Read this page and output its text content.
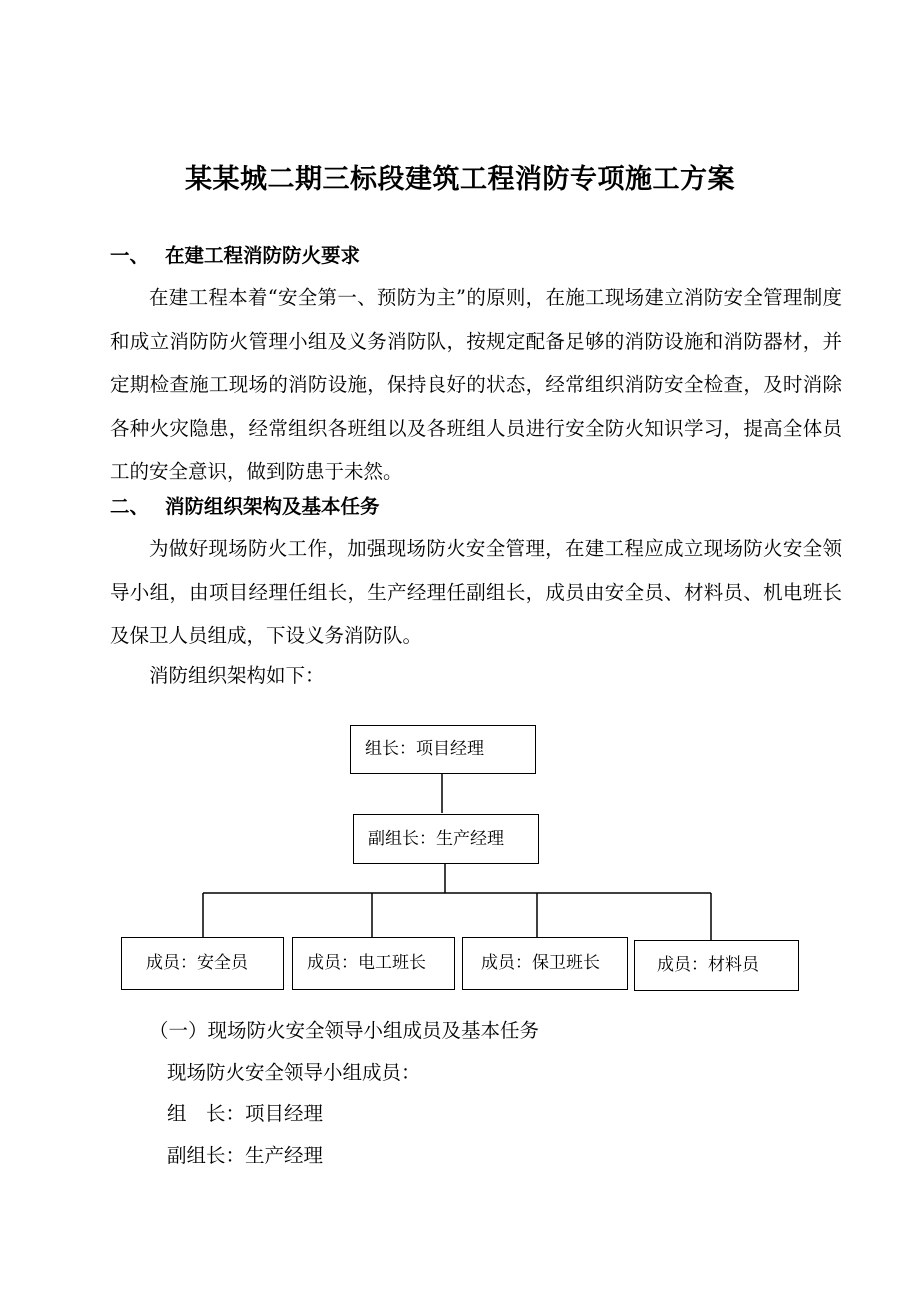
某某城二期三标段建筑工程消防专项施工方案
一、 在建工程消防防火要求

在建工程本着“安全第一、预防为主”的原则，在施工现场建立消防安全管理制度和成立消防防火管理小组及义务消防队，按规定配备足够的消防设施和消防器材，并定期检查施工现场的消防设施，保持良好的状态，经常组织消防安全检查，及时消除各种火灾隐患，经常组织各班组以及各班组人员进行安全防火知识学习，提高全体员工的安全意识，做到防患于未然。

二、 消防组织架构及基本任务

为做好现场防火工作，加强现场防火安全管理，在建工程应成立现场防火安全领导小组，由项目经理任组长，生产经理任副组长，成员由安全员、材料员、机电班长及保卫人员组成，下设义务消防队。

消防组织架构如下：
组长：项目经理
副组长：生产经理
成员：安全员	成员：电工班长	成员：保卫班长	成员：材料员
（一）现场防火安全领导小组成员及基本任务
现场防火安全领导小组成员：
组　长：项目经理
副组长：生产经理
